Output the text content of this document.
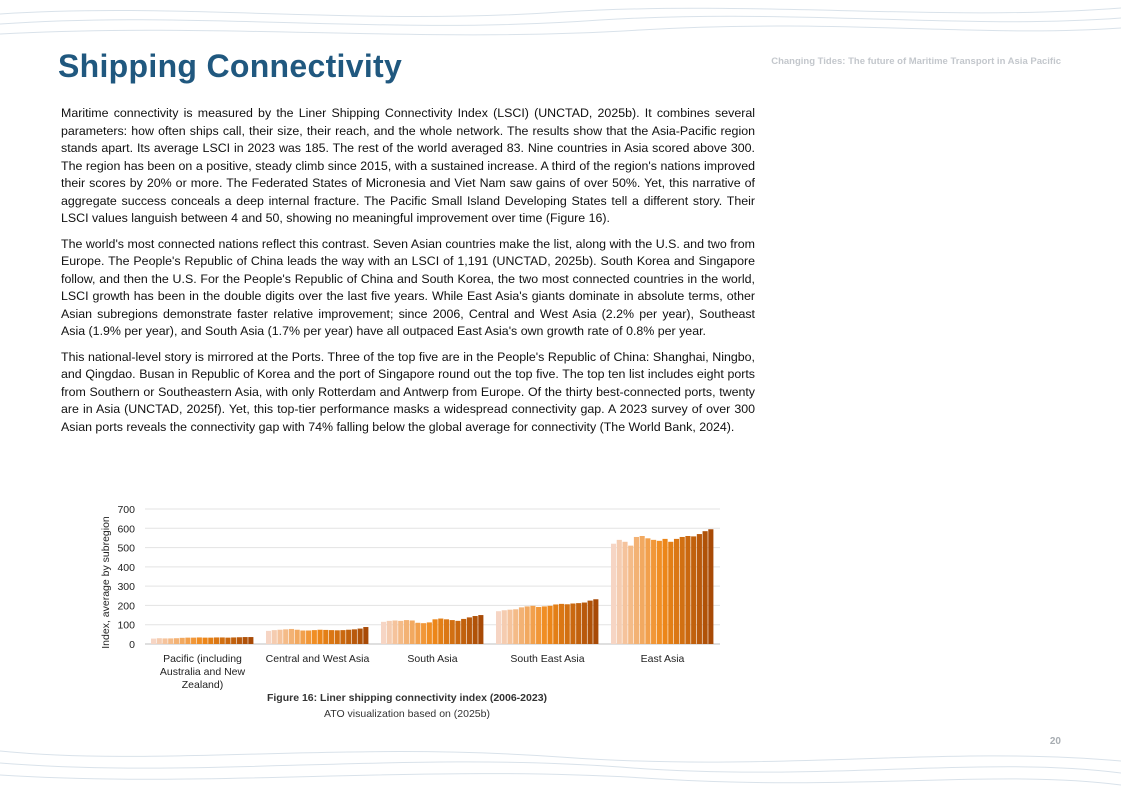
Changing Tides: The future of Maritime Transport in Asia Pacific
Shipping Connectivity

Maritime connectivity is measured by the Liner Shipping Connectivity Index (LSCI) (UNCTAD, 2025b). It combines several parameters: how often ships call, their size, their reach, and the whole network. The results show that the Asia-Pacific region stands apart. Its average LSCI in 2023 was 185. The rest of the world averaged 83. Nine countries in Asia scored above 300. The region has been on a positive, steady climb since 2015, with a sustained increase. A third of the region's nations improved their scores by 20% or more. The Federated States of Micronesia and Viet Nam saw gains of over 50%. Yet, this narrative of aggregate success conceals a deep internal fracture. The Pacific Small Island Developing States tell a different story. Their LSCI values languish between 4 and 50, showing no meaningful improvement over time (Figure 16).

The world's most connected nations reflect this contrast. Seven Asian countries make the list, along with the U.S. and two from Europe. The People's Republic of China leads the way with an LSCI of 1,191 (UNCTAD, 2025b). South Korea and Singapore follow, and then the U.S. For the People's Republic of China and South Korea, the two most connected countries in the world, LSCI growth has been in the double digits over the last five years. While East Asia's giants dominate in absolute terms, other Asian subregions demonstrate faster relative improvement; since 2006, Central and West Asia (2.2% per year), Southeast Asia (1.9% per year), and South Asia (1.7% per year) have all outpaced East Asia's own growth rate of 0.8% per year.

This national-level story is mirrored at the Ports. Three of the top five are in the People's Republic of China: Shanghai, Ningbo, and Qingdao. Busan in Republic of Korea and the port of Singapore round out the top five. The top ten list includes eight ports from Southern or Southeastern Asia, with only Rotterdam and Antwerp from Europe. Of the thirty best-connected ports, twenty are in Asia (UNCTAD, 2025f). Yet, this top-tier performance masks a widespread connectivity gap. A 2023 survey of over 300 Asian ports reveals the connectivity gap with 74% falling below the global average for connectivity (The World Bank, 2024).

0
100
200
300
400
500
600
700
Index, average by subregion
Pacific (including
Australia and New
Zealand)
Central and West Asia	South Asia	South East Asia	East Asia
Figure 16: Liner shipping connectivity index (2006-2023)
ATO visualization based on (2025b)
20
